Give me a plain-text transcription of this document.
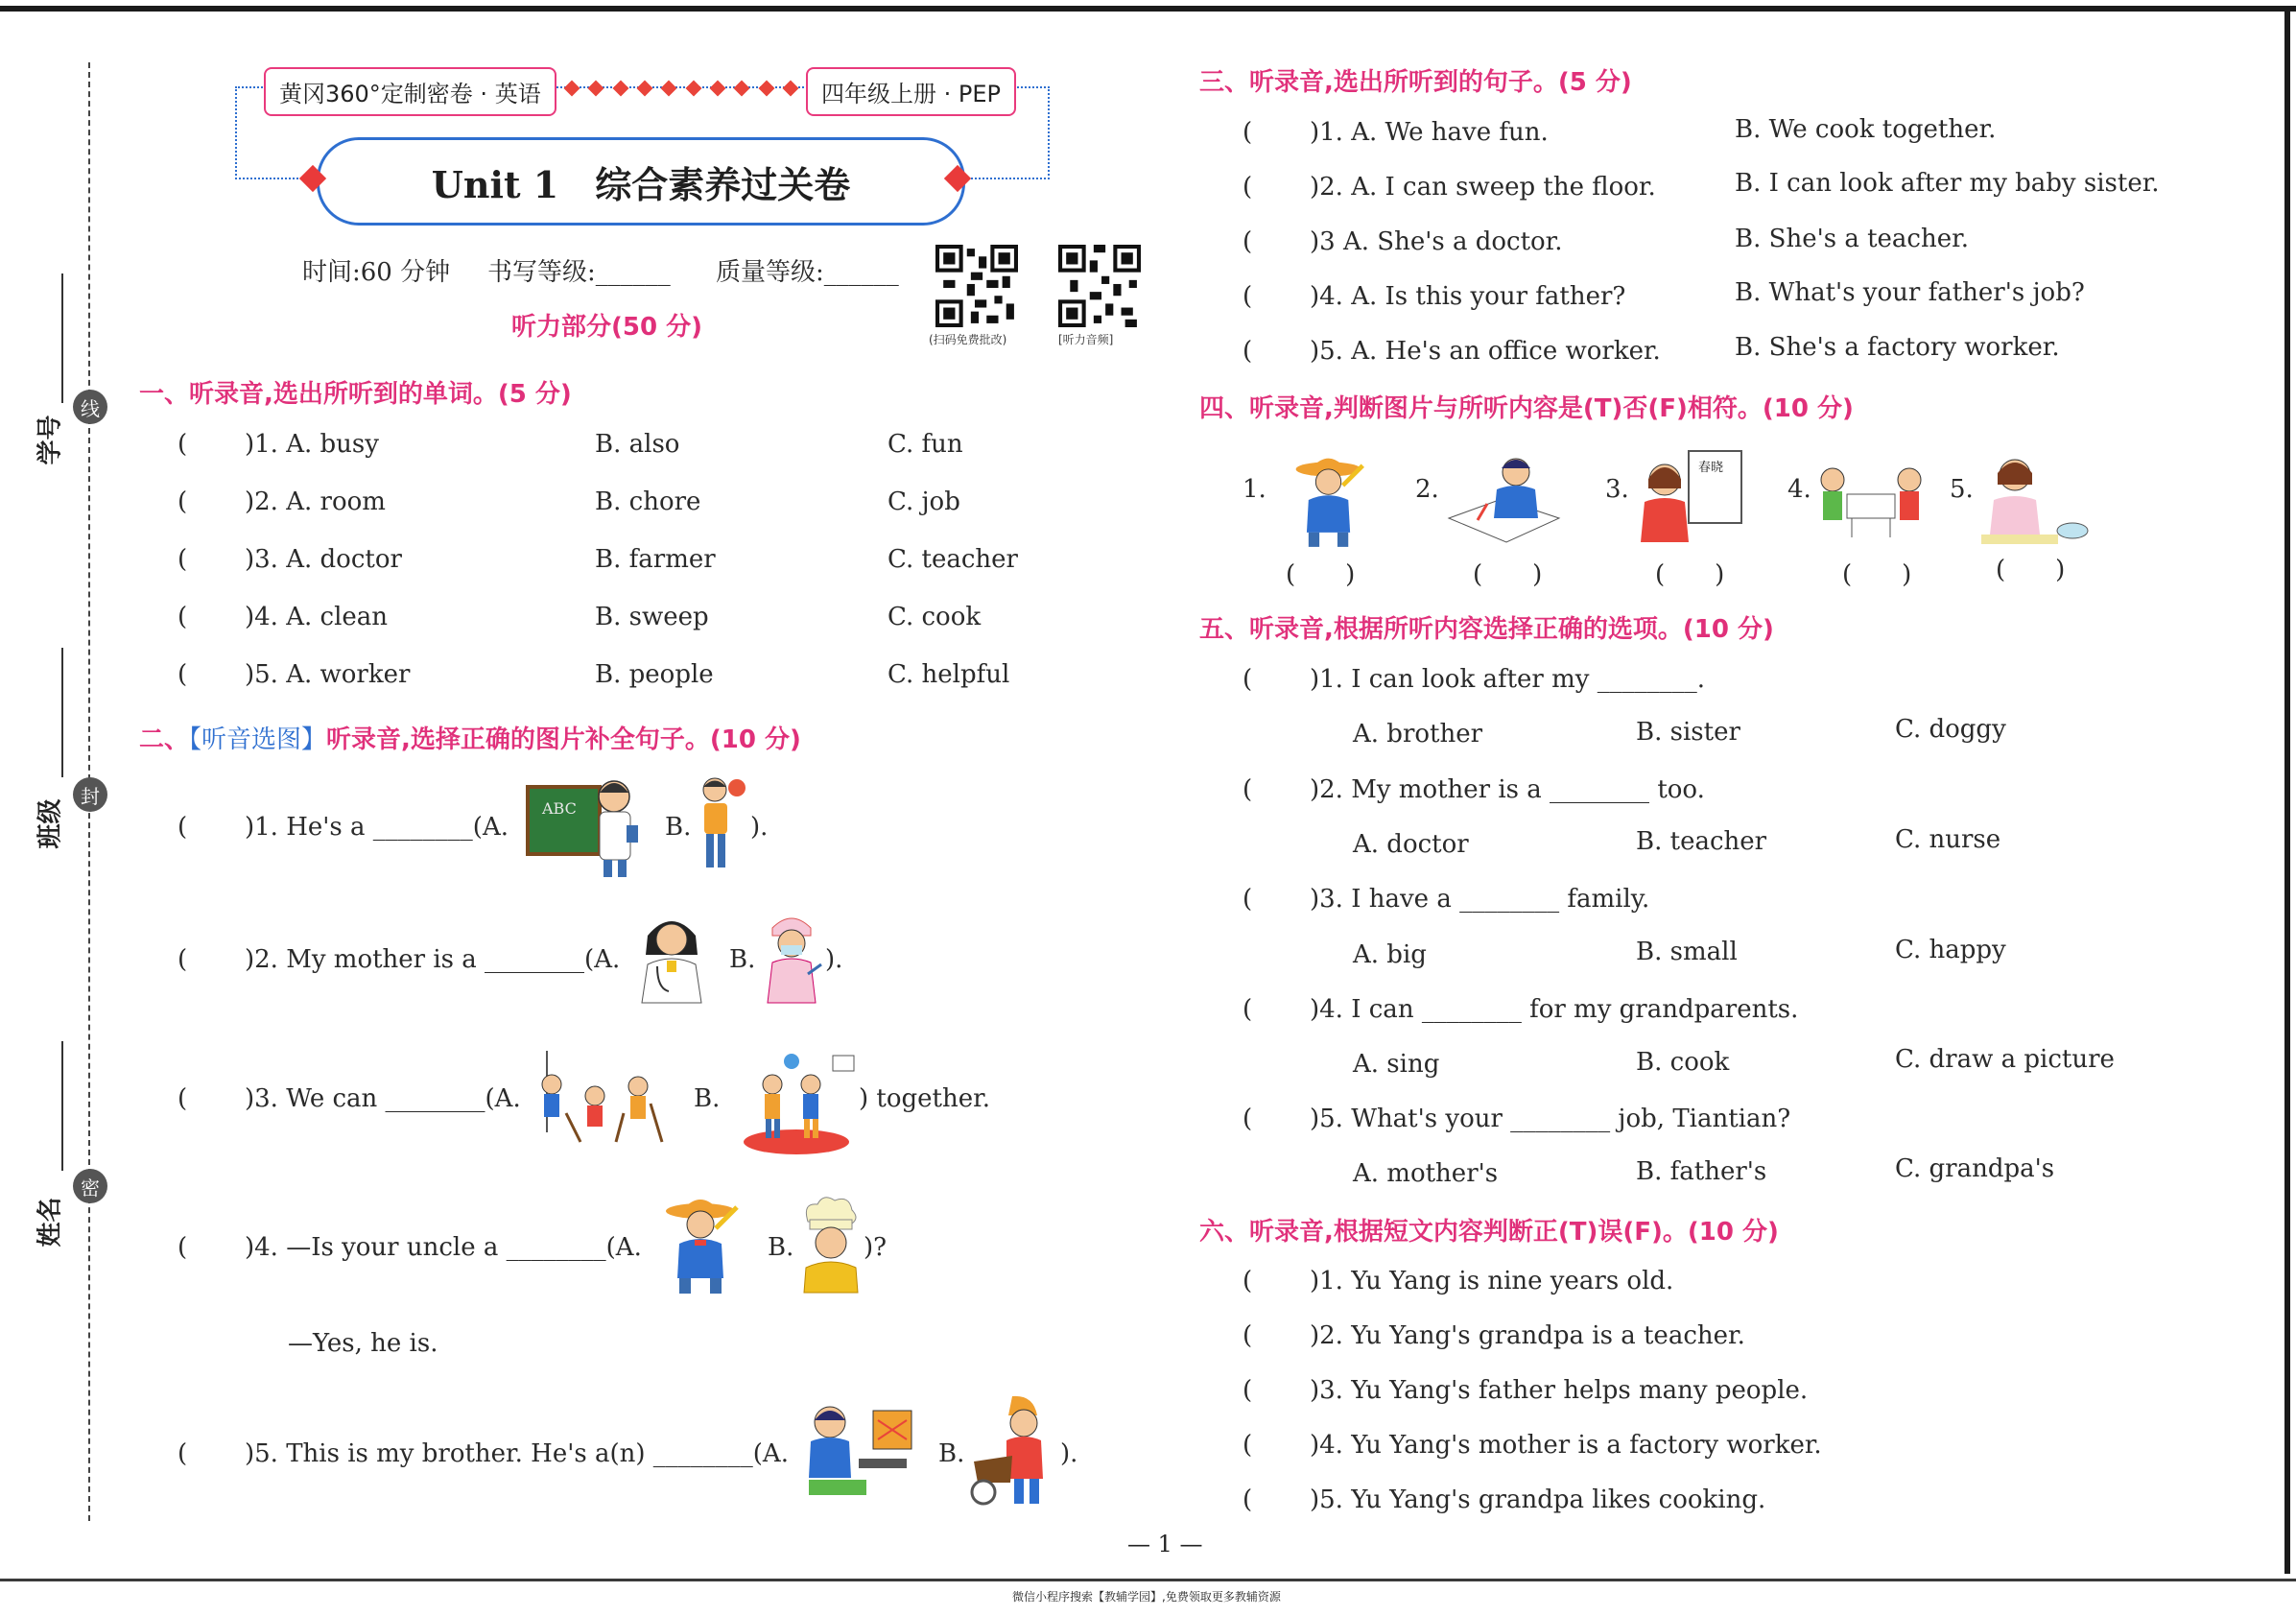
学号
班级
姓名
线
封
密
黄冈360°定制密卷 · 英语	四年级上册 · PEP
Unit 1　综合素养过关卷
时间:60 分钟 书写等级:______ 质量等级:______
听力部分(50 分)	(扫码免费批改)	[听力音频]
一、听录音,选出所听到的单词。(5 分)
( )1. A. busy	B. also	C. fun
( )2. A. room	B. chore	C. job
( )3. A. doctor	B. farmer	C. teacher
( )4. A. clean	B. sweep	C. cook
( )5. A. worker	B. people	C. helpful
二、【听音选图】听录音,选择正确的图片补全句子。(10 分)
( )1. He's a ________(A.
ABC
B. ).
( )2. My mother is a ________(A.	B.	).
( )3. We can ________(A.	B.	) together.
( )4. —Is your uncle a ________(A.	B.	)?
—Yes, he is.
( )5. This is my brother. He's a(n) ________(A.	B.	).
三、听录音,选出所听到的句子。(5 分)
( )1. A. We have fun.	B. We cook together.
( )2. A. I can sweep the floor.	B. I can look after my baby sister.
( )3 A. She's a doctor.	B. She's a teacher.
( )4. A. Is this your father?	B. What's your father's job?
( )5. A. He's an office worker.	B. She's a factory worker.
四、听录音,判断图片与所听内容是(T)否(F)相符。(10 分)
1.
(　　)
2.
(　　)
3.
春晓
(　　)
4.
(　　)
5.
(　　)
五、听录音,根据所听内容选择正确的选项。(10 分)
( )1. I can look after my ________.
A. brother	B. sister	C. doggy
( )2. My mother is a ________ too.
A. doctor	B. teacher	C. nurse
( )3. I have a ________ family.
A. big	B. small	C. happy
( )4. I can ________ for my grandparents.
A. sing	B. cook	C. draw a picture
( )5. What's your ________ job, Tiantian?
A. mother's	B. father's	C. grandpa's
六、听录音,根据短文内容判断正(T)误(F)。(10 分)
( )1. Yu Yang is nine years old.
( )2. Yu Yang's grandpa is a teacher.
( )3. Yu Yang's father helps many people.
( )4. Yu Yang's mother is a factory worker.
( )5. Yu Yang's grandpa likes cooking.
— 1 —
微信小程序搜索【教辅学园】,免费领取更多教辅资源
